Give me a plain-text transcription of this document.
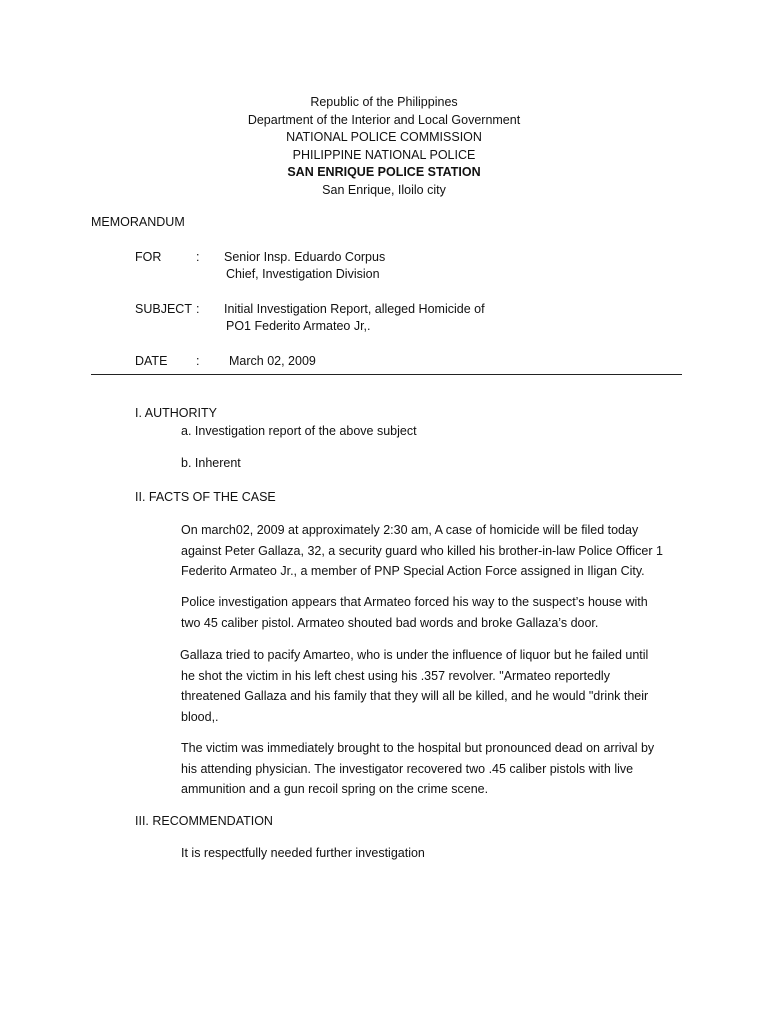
Republic of the Philippines
Department of the Interior and Local Government
NATIONAL POLICE COMMISSION
PHILIPPINE NATIONAL POLICE
SAN ENRIQUE POLICE STATION
San Enrique, Iloilo city
MEMORANDUM
FOR	: Senior Insp. Eduardo Corpus
Chief, Investigation Division
SUBJECT : Initial Investigation Report, alleged Homicide of
PO1 Federito Armateo Jr,.
DATE : March 02, 2009
I. AUTHORITY
a. Investigation report of the above subject
b. Inherent
II. FACTS OF THE CASE

On march02, 2009 at approximately 2:30 am, A case of homicide will be filed today
against Peter Gallaza, 32, a security guard who killed his brother-in-law Police Officer 1
Federito Armateo Jr., a member of PNP Special Action Force assigned in Iligan City.

Police investigation appears that Armateo forced his way to the suspect’s house with
two 45 caliber pistol. Armateo shouted bad words and broke Gallaza’s door.

Gallaza tried to pacify Amarteo, who is under the influence of liquor but he failed until
he shot the victim in his left chest using his .357 revolver. "Armateo reportedly
threatened Gallaza and his family that they will all be killed, and he would "drink their
blood,.

The victim was immediately brought to the hospital but pronounced dead on arrival by
his attending physician. The investigator recovered two .45 caliber pistols with live
ammunition and a gun recoil spring on the crime scene.

III. RECOMMENDATION
It is respectfully needed further investigation
